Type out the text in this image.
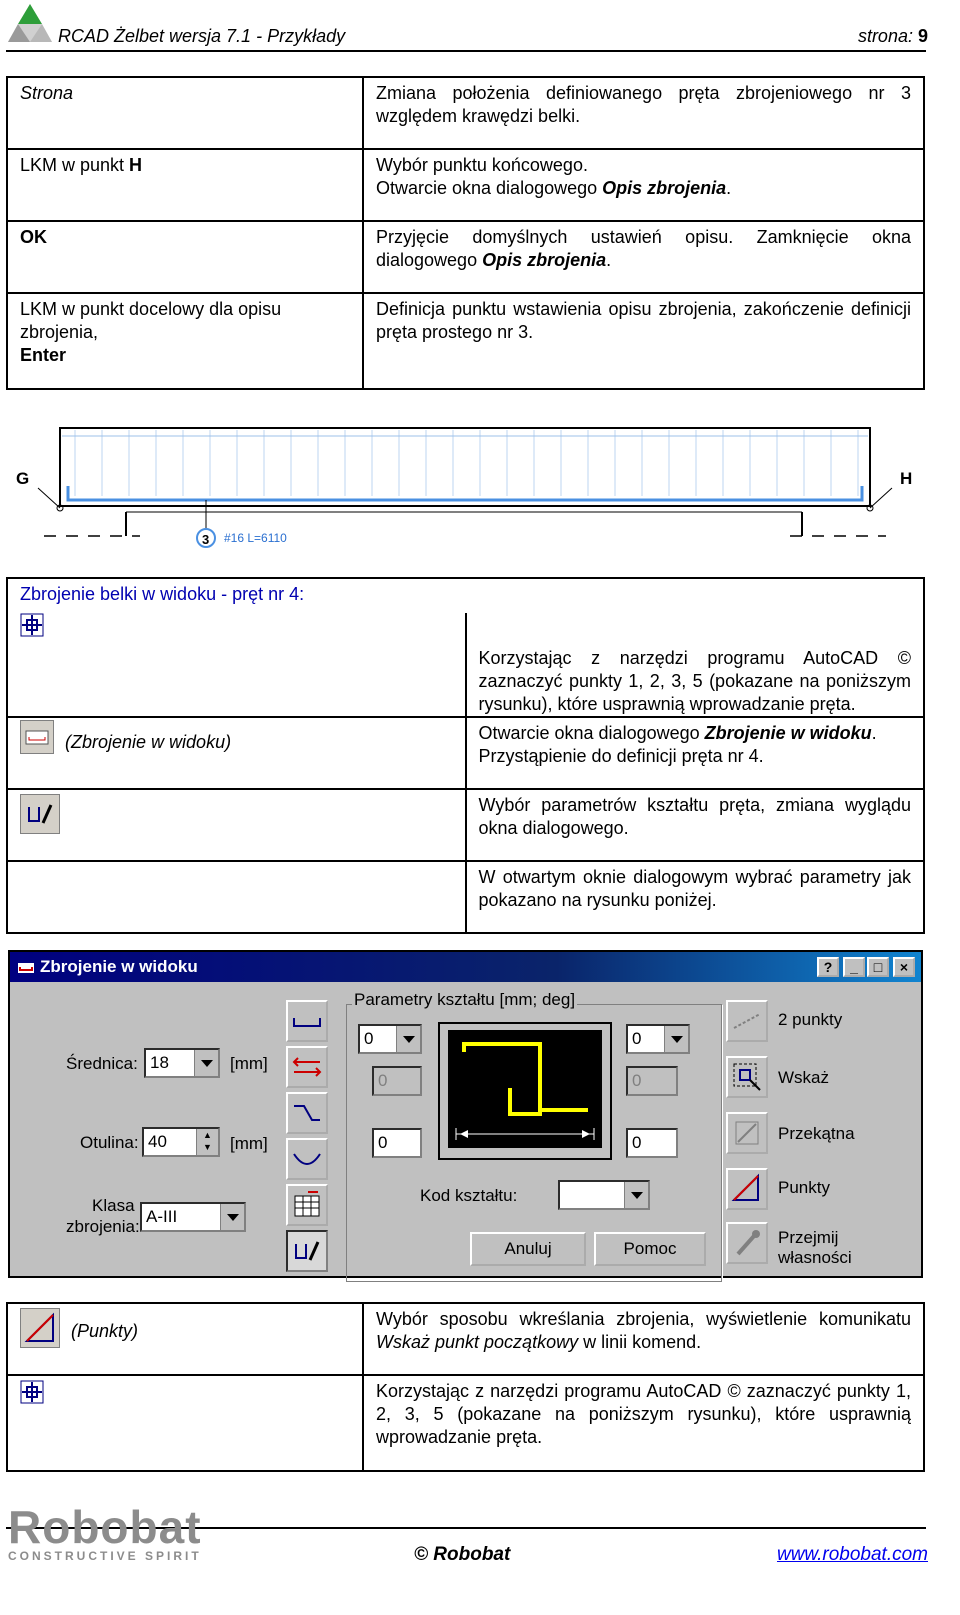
RCAD Żelbet wersja 7.1 - Przykłady	strona: 9
Strona	Zmiana położenia definiowanego pręta zbrojeniowego nr 3 względem krawędzi belki.
LKM w punkt H	Wybór punktu końcowego.
Otwarcie okna dialogowego Opis zbrojenia.

OK	Przyjęcie domyślnych ustawień opisu. Zamknięcie okna dialogowego Opis zbrojenia.

LKM w punkt docelowy dla opisu zbrojenia,
Enter	Definicja punktu wstawienia opisu zbrojenia, zakończenie definicji pręta prostego nr 3.
G	H
3 #16 L=6110
Zbrojenie belki w widoku - pręt nr 4:	
	Korzystając z narzędzi programu AutoCAD © zaznaczyć punkty 1, 2, 3, 5 (pokazane na poniższym rysunku), które usprawnią wprowadzanie pręta.
(Zbrojenie w widoku)	Otwarcie okna dialogowego Zbrojenie w widoku.
Przystąpienie do definicji pręta nr 4.

	Wybór parametrów kształtu pręta, zmiana wyglądu okna dialogowego.
	W otwartym oknie dialogowym wybrać parametry jak pokazano na rysunku poniżej.
Zbrojenie w widoku	?	_	□	×
Średnica: 18	[mm]
Otulina: 40	▲
▼	[mm]
Klasa
zbrojenia:
A-III
Parametry kształtu [mm; deg]
0
0
0
0
0
0
Kod kształtu:
Anuluj	Pomoc
2 punkty
Wskaż
Przekątna
Punkty
Przejmij
własności
(Punkty)	Wybór sposobu wkreślania zbrojenia, wyświetlenie komunikatu Wskaż punkt początkowy w linii komend.
	Korzystając z narzędzi programu AutoCAD © zaznaczyć punkty 1, 2, 3, 5 (pokazane na poniższym rysunku), które usprawnią wprowadzanie pręta.
Robobat
CONSTRUCTIVE SPIRIT	© Robobat	www.robobat.com
